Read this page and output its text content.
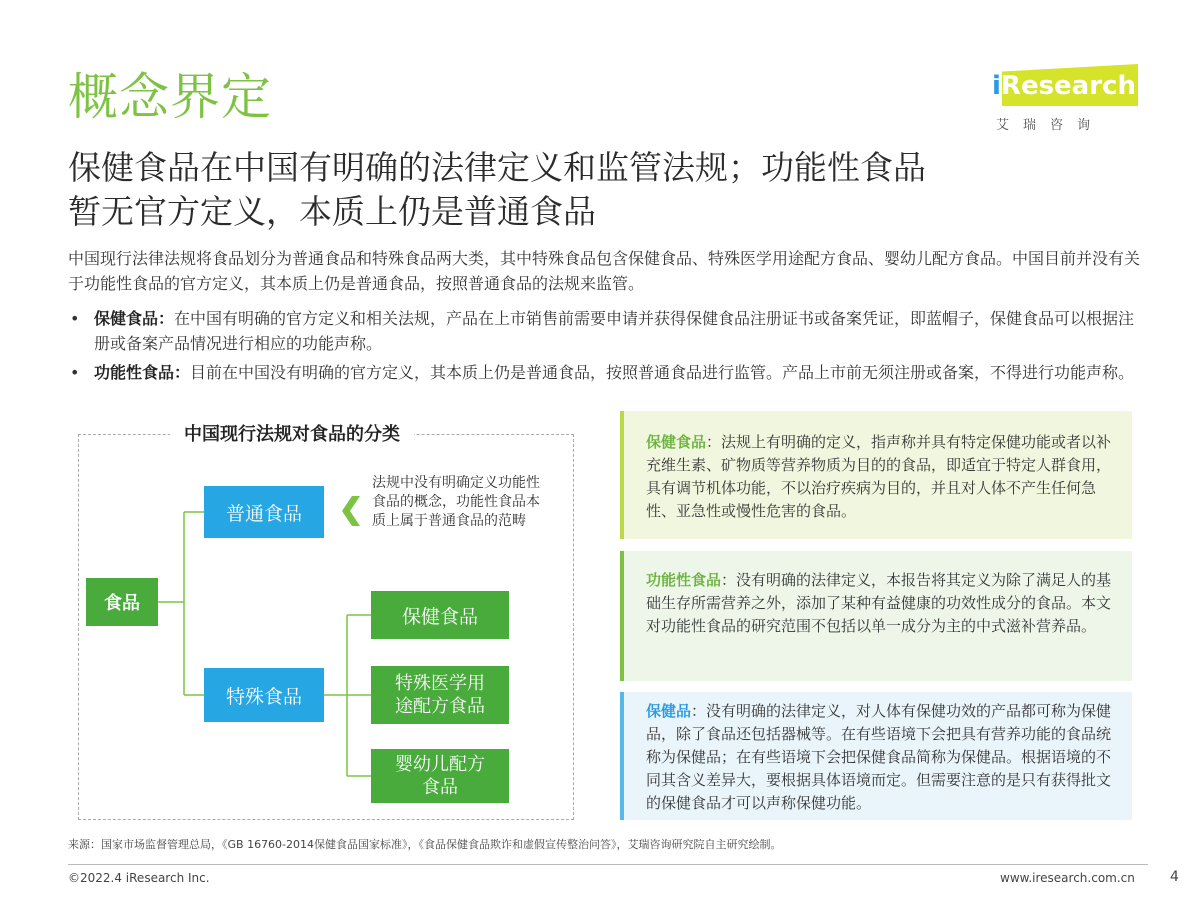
概念界定	iResearch
艾瑞咨询
保健食品在中国有明确的法律定义和监管法规；功能性食品
暂无官方定义，本质上仍是普通食品
中国现行法律法规将食品划分为普通食品和特殊食品两大类，其中特殊食品包含保健食品、特殊医学用途配方食品、婴幼儿配方食品。中国目前并没有关于功能性食品的官方定义，其本质上仍是普通食品，按照普通食品的法规来监管。
• 保健食品：在中国有明确的官方定义和相关法规，产品在上市销售前需要申请并获得保健食品注册证书或备案凭证，即蓝帽子，保健食品可以根据注册或备案产品情况进行相应的功能声称。
• 功能性食品：目前在中国没有明确的官方定义，其本质上仍是普通食品，按照普通食品进行监管。产品上市前无须注册或备案，不得进行功能声称。
中国现行法规对食品的分类
食品
普通食品
特殊食品
保健食品
特殊医学用
途配方食品
婴幼儿配方
食品
法规中没有明确定义功能性食品的概念，功能性食品本质上属于普通食品的范畴

保健食品：法规上有明确的定义，指声称并具有特定保健功能或者以补充维生素、矿物质等营养物质为目的的食品，即适宜于特定人群食用，具有调节机体功能，不以治疗疾病为目的，并且对人体不产生任何急性、亚急性或慢性危害的食品。

功能性食品：没有明确的法律定义，本报告将其定义为除了满足人的基础生存所需营养之外，添加了某种有益健康的功效性成分的食品。本文对功能性食品的研究范围不包括以单一成分为主的中式滋补营养品。

保健品：没有明确的法律定义，对人体有保健功效的产品都可称为保健品，除了食品还包括器械等。在有些语境下会把具有营养功能的食品统称为保健品；在有些语境下会把保健食品简称为保健品。根据语境的不同其含义差异大，要根据具体语境而定。但需要注意的是只有获得批文的保健食品才可以声称保健功能。

来源：国家市场监督管理总局，《GB 16760-2014保健食品国家标准》，《食品保健食品欺诈和虚假宣传整治问答》，艾瑞咨询研究院自主研究绘制。
©2022.4 iResearch Inc.	www.iresearch.com.cn	4
